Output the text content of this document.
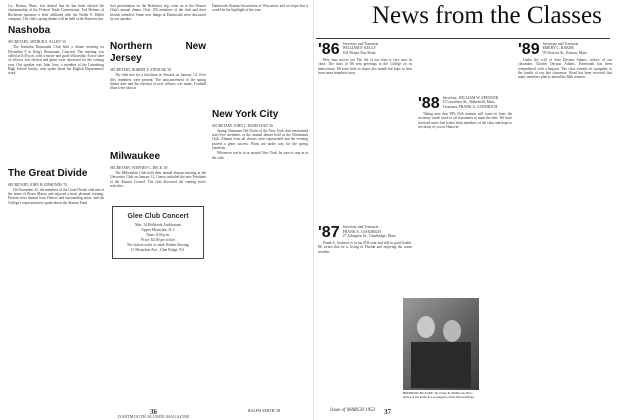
Ca., Boston, Mass., has denied that he has been offered the chairmanship of the Federal Trade Commission. Ted Holmes of Rochester sponsors a brief affiliated with the Walter E. Heller company. The club's spring dinner will be held at the Hanover Inn.

Nashoba

SECRETARY, ARTHUR E. ALLEN '35

The Nashoba Dartmouth Club held a dinner meeting on December 9 at King's Restaurant, Concord. The meeting was called at 6:30 p.m. with a movie and good fellowship. A new slate of officers was elected and plans were discussed for the coming year. Our speaker was John Jerry, a member of the Lunenburg High School faculty, who spoke about the English Department's work.

The Great Divide

SECRETARY, JOHN H. EDMONDS '53

On November 22, the members of the Great Divide club met at the home of Bruce Mason and enjoyed a most pleasant evening. Present were alumni from Denver and surrounding areas, and the College's representatives spoke about the Alumni Fund.

first presentation on the Reference trip, went on to the Denver Club's annual dinner. Over 150 members of the club and their friends attended. Some new things at Dartmouth were discussed by our speaker.

Northern New Jersey

SECRETARY, ROBERT F. STROUSE '29

The club met for a luncheon in Newark on January 14. Over fifty members were present. The announcement of the spring dinner date and the election of new officers was made. Football films were shown.

Milwaukee

SECRETARY, STEPHEN C. BECK '49

The Milwaukee Club held their annual alumni meeting at the University Club on January 12. Guests included the new President of the Alumni Council. The club discussed the coming year's activities.

Glee Club Concert
Mar. 14 Holbrook Auditorium
Upper Montclair, N.J.
Time: 8:30 p.m.
Price: $2.00 per ticket
For tickets write or send: Robert Koenig
11 Montclair Ave., Glen Ridge, N.J.

Dartmouth Alumni Association of Wisconsin, and we hope that it would be the highlight of the year.

New York City

SECRETARY, JOHN C. BUMSTEAD '36

Spring Chairman Ted Doyle of the New York club entertained sixty-five members at the annual dinner held at the Dartmouth Club. Alumni from all classes were represented and the evening proved a great success. Plans are under way for the spring luncheon.

Whenever you're in or around New York, be sure to stop in at the club.

36
DARTMOUTH ALUMNI MAGAZINE
RALPH SMITH '38
News from the Classes
'86 Secretary and Treasurer
WILLIAM P. KELLY
104 Mount Ray Road

How time moves on! The life of our class is very near its close. The class of '86 sent greetings to the College on its anniversary. We have little to report this month but hope to hear from more members soon.

'87 Secretary and Treasurer
FRANK A. GOODRICH
27 Arlington St., Cambridge, Mass.

Frank A. Andrews is in his 87th year and still in good health. He writes that he is living in Florida and enjoying the warm weather.

'88 Secretary, WILLIAM W. SPENCER
15 Lawrence St., Wakefield, Mass.
Treasurer, FRANK A. GOODRICH

Taking note that '88's 65th reunion will come in June, the secretary sends word to all classmates to mark the date. We have received some fine letters from members of the class and hope to see many of you in Hanover.

BIRTHDAY PICTURE: Dr. Edgar R. Phillbrook '86 is shown at his home in Los Angeles on his 92nd birthday.
'89 Secretary and Treasurer
EMERY C. BAKER
95 Wolcott St., Boston, Mass.

Under the will of Sara Decatur Adams, widow of our classmate, Charles Decatur Adams, Dartmouth has been remembered with a bequest. The class extends its sympathy to the family of our late classmate. Word has been received that many members plan to attend the 64th reunion.

Issue of MARCH 1953 37
